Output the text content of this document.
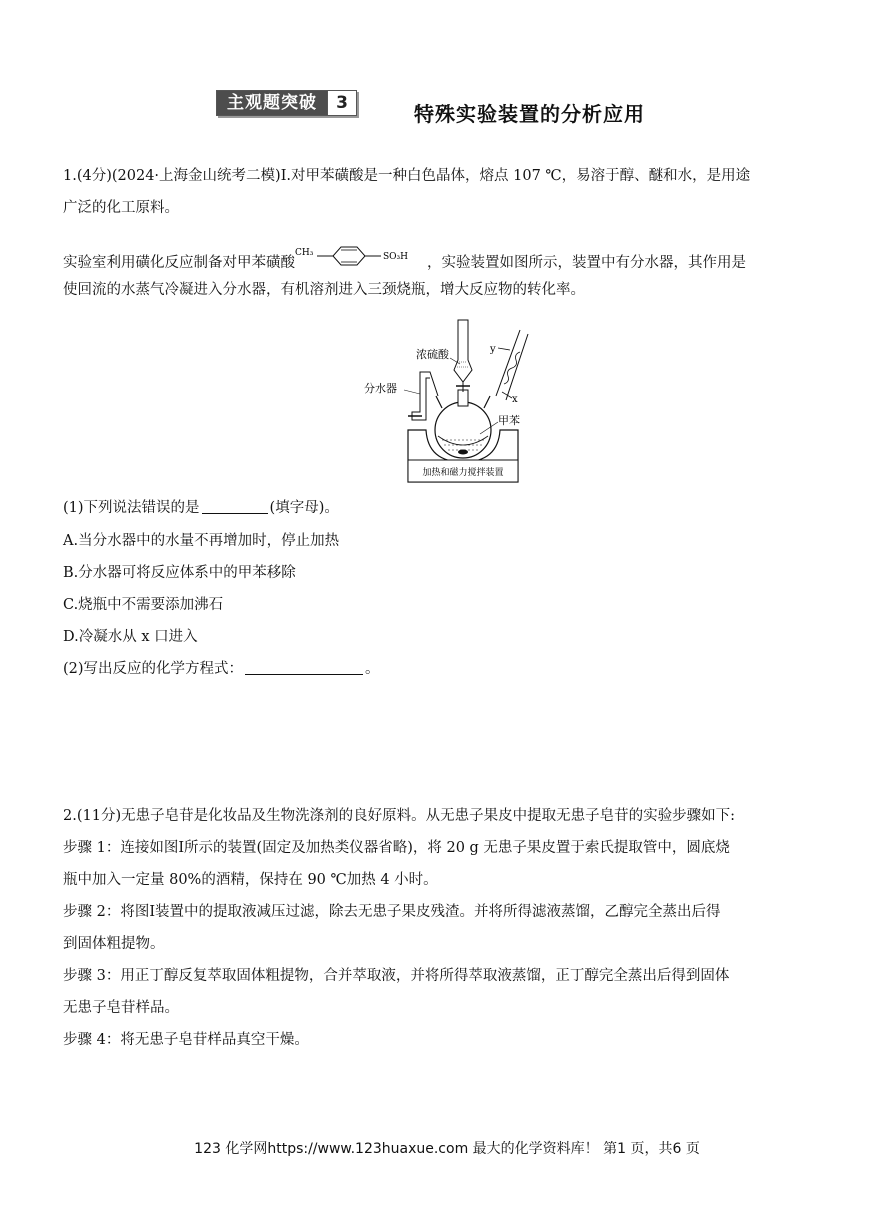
主观题突破	3	特殊实验装置的分析应用
1.(4分)(2024·上海金山统考二模)Ⅰ.对甲苯磺酸是一种白色晶体，熔点 107 ℃，易溶于醇、醚和水，是用途
广泛的化工原料。
实验室利用磺化反应制备对甲苯磺酸
CH₃	SO₃H ，实验装置如图所示，装置中有分水器，其作用是
使回流的水蒸气冷凝进入分水器，有机溶剂进入三颈烧瓶，增大反应物的转化率。
加热和磁力搅拌装置
浓硫酸	y
x
分水器
甲苯
(1)下列说法错误的是	(填字母)。
A.当分水器中的水量不再增加时，停止加热
B.分水器可将反应体系中的甲苯移除
C.烧瓶中不需要添加沸石
D.冷凝水从 x 口进入
(2)写出反应的化学方程式：	。
2.(11分)无患子皂苷是化妆品及生物洗涤剂的良好原料。从无患子果皮中提取无患子皂苷的实验步骤如下:
步骤 1：连接如图Ⅰ所示的装置(固定及加热类仪器省略)，将 20 g 无患子果皮置于索氏提取管中，圆底烧
瓶中加入一定量 80%的酒精，保持在 90 ℃加热 4 小时。
步骤 2：将图Ⅰ装置中的提取液减压过滤，除去无患子果皮残渣。并将所得滤液蒸馏，乙醇完全蒸出后得
到固体粗提物。
步骤 3：用正丁醇反复萃取固体粗提物，合并萃取液，并将所得萃取液蒸馏，正丁醇完全蒸出后得到固体
无患子皂苷样品。
步骤 4：将无患子皂苷样品真空干燥。
123 化学网https://www.123huaxue.com 最大的化学资料库！ 第1 页，共6 页
